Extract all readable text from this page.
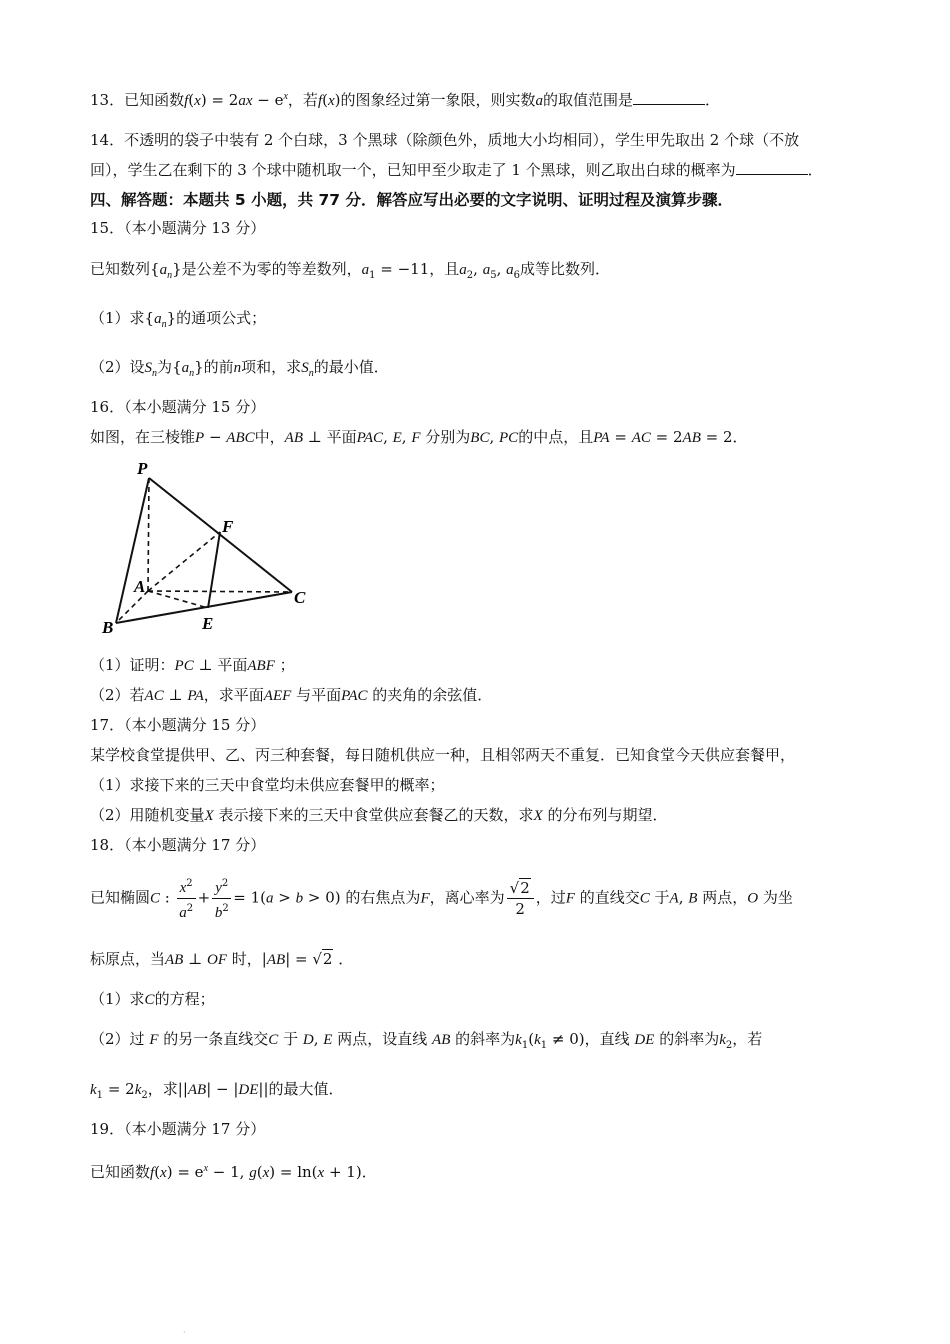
13．已知函数$f(x) = 2ax - e^x$，若f(x)的图象经过第一象限，则实数a的取值范围是	．
14．不透明的袋子中装有 2 个白球，3 个黑球（除颜色外，质地大小均相同），学生甲先取出 2 个球（不放
回），学生乙在剩下的 3 个球中随机取一个，已知甲至少取走了 1 个黑球，则乙取出白球的概率为	．
四、解答题：本题共 5 小题，共 77 分．解答应写出必要的文字说明、证明过程及演算步骤．
15．（本小题满分 13 分）
已知数列$\{a_n\}$是公差不为零的等差数列，$a_1 = -11$，且$a_2$, $a_5$, $a_6$成等比数列．
（1）求$\{a_n\}$的通项公式；
（2）设$S_n$为$\{a_n\}$的前n项和，求$S_n$的最小值．
16．（本小题满分 15 分）
如图，在三棱锥P − ABC中，AB ⊥ 平面PAC, E, F 分别为BC, PC的中点，且PA = AC = 2AB = 2．
P
F
A
C
B	E
（1）证明：PC ⊥ 平面ABF ；
（2）若AC ⊥ PA，求平面AEF 与平面PAC 的夹角的余弦值．
17．（本小题满分 15 分）
某学校食堂提供甲、乙、丙三种套餐，每日随机供应一种，且相邻两天不重复．已知食堂今天供应套餐甲，
（1）求接下来的三天中食堂均未供应套餐甲的概率；
（2）用随机变量X 表示接下来的三天中食堂供应套餐乙的天数，求X 的分布列与期望．
18．（本小题满分 17 分）
已知椭圆C : $\frac{x^2}{a^2} + \frac{y^2}{b^2} = 1(a > b > 0)$ 的右焦点为F，离心率为 $\frac{√2}{2}$ ，过F 的直线交C 于A, B 两点，O 为坐
标原点，当AB ⊥ OF 时，|AB| = √2 ．
（1）求C的方程；
（2）过 F 的另一条直线交C 于 D, E 两点，设直线 AB 的斜率为$k_1(k_1 \ne 0)$，直线 DE 的斜率为$k_2$，若
$k_1 = 2k_2$，求||AB| − |DE||的最大值．
19．（本小题满分 17 分）
已知函数$f(x) = e^x - 1$, g(x) = ln(x + 1)．
·
